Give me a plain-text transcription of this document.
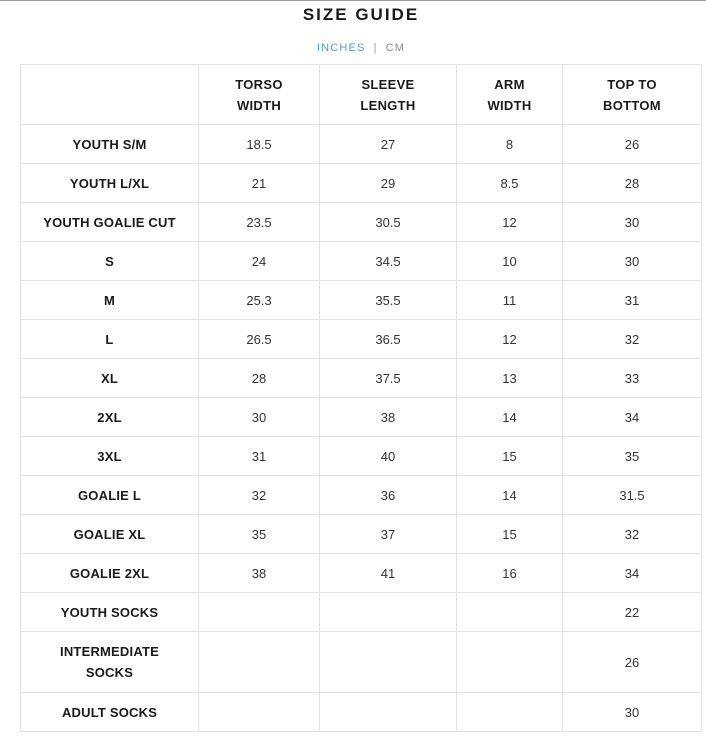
SIZE GUIDE
INCHES | CM
	TORSO WIDTH	SLEEVE LENGTH	ARM WIDTH	TOP TO BOTTOM
YOUTH S/M	18.5	27	8	26
YOUTH L/XL	21	29	8.5	28
YOUTH GOALIE CUT	23.5	30.5	12	30
S	24	34.5	10	30
M	25.3	35.5	11	31
L	26.5	36.5	12	32
XL	28	37.5	13	33
2XL	30	38	14	34
3XL	31	40	15	35
GOALIE L	32	36	14	31.5
GOALIE XL	35	37	15	32
GOALIE 2XL	38	41	16	34
YOUTH SOCKS				22
INTERMEDIATE SOCKS				26
ADULT SOCKS				30
